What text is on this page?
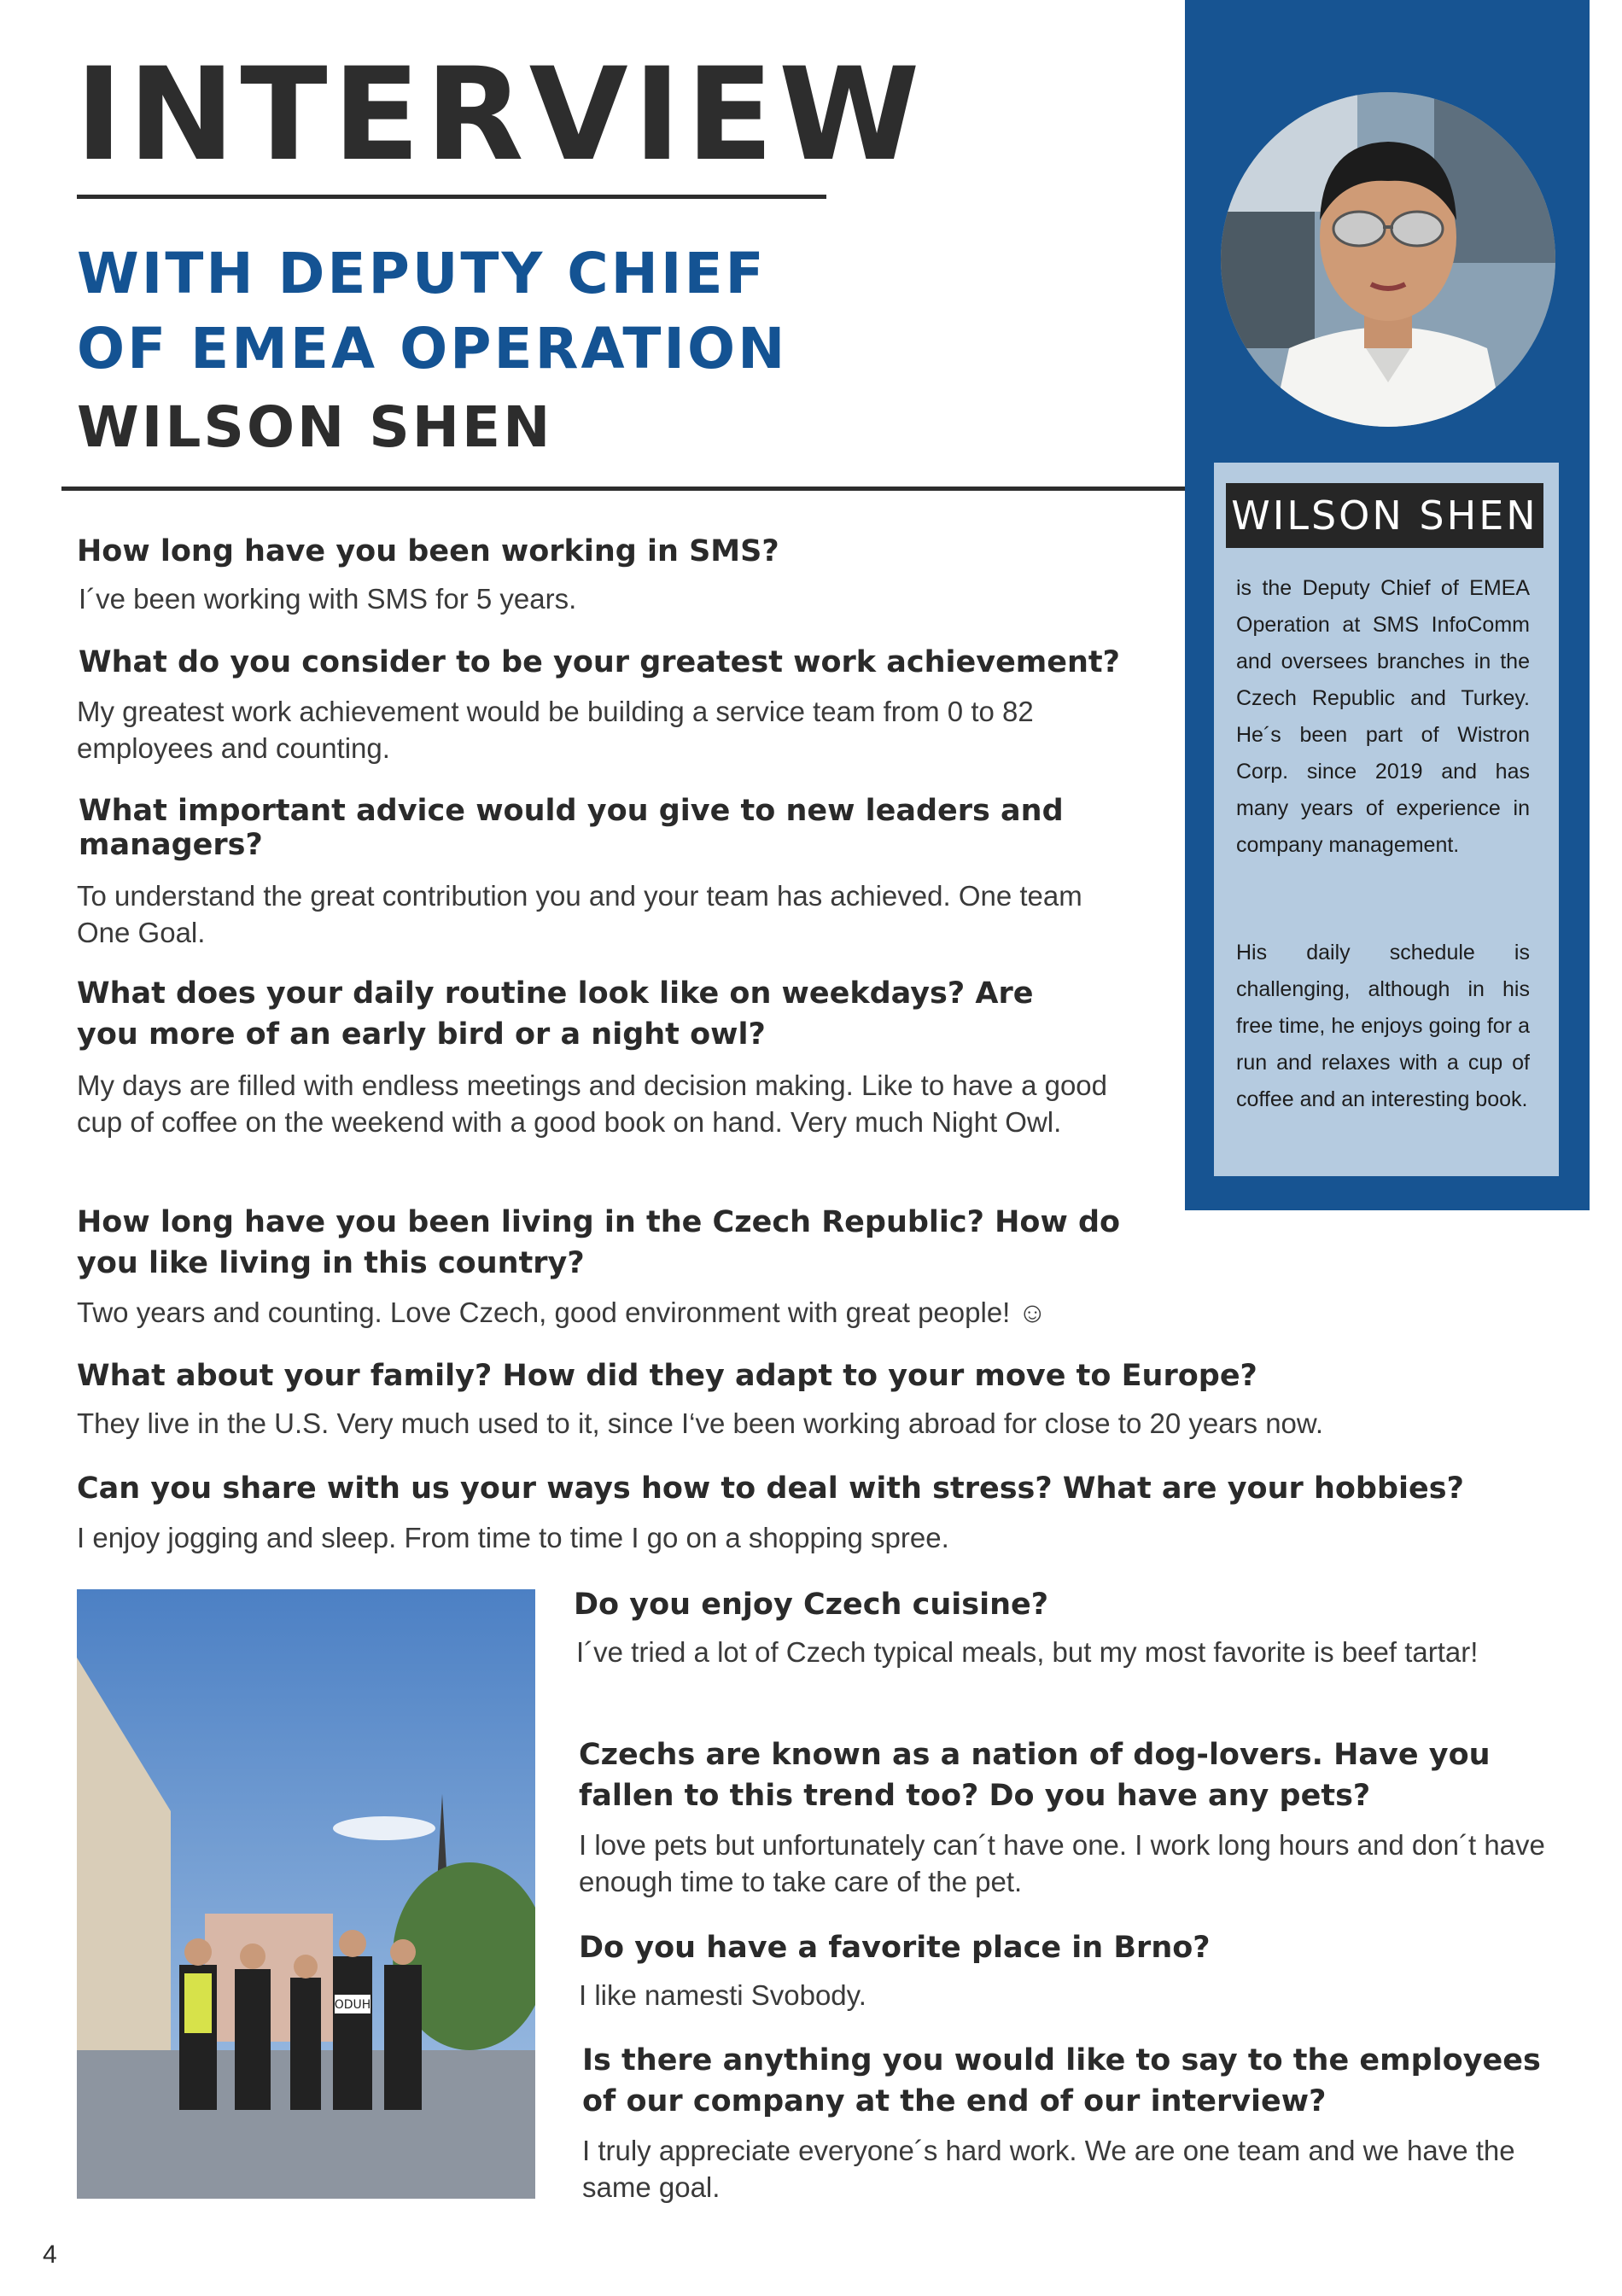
INTERVIEW

WITH DEPUTY CHIEF

OF EMEA OPERATION

WILSON SHEN

WILSON SHEN

is the Deputy Chief of EMEA Operation at SMS InfoComm and oversees branches in the Czech Republic and Turkey. He´s been part of Wistron Corp. since 2019 and has many years of experience in company management.

His daily schedule is challenging, although in his free time, he enjoys going for a run and relaxes with a cup of coffee and an interesting book.

How long have you been working in SMS?

I´ve been working with SMS for 5 years.

What do you consider to be your greatest work achievement?

My greatest work achievement would be building a service team from 0 to 82 employees and counting.

What important advice would you give to new leaders and managers?

To understand the great contribution you and your team has achieved. One team One Goal.

What does your daily routine look like on weekdays? Are you more of an early bird or a night owl?

My days are filled with endless meetings and decision making. Like to have a good cup of coffee on the weekend with a good book on hand. Very much Night Owl.

How long have you been living in the Czech Republic? How do you like living in this country?

Two years and counting. Love Czech, good environment with great people! ☺

What about your family? How did they adapt to your move to Europe?

They live in the U.S. Very much used to it, since I‘ve been working abroad for close to 20 years now.

Can you share with us your ways how to deal with stress? What are your hobbies?

I enjoy jogging and sleep. From time to time I go on a shopping spree.

ODUH

Do you enjoy Czech cuisine?

I´ve tried a lot of Czech typical meals, but my most favorite is beef tartar!

Czechs are known as a nation of dog-lovers. Have you fallen to this trend too? Do you have any pets?

I love pets but unfortunately can´t have one. I work long hours and don´t have enough time to take care of the pet.

Do you have a favorite place in Brno?

I like namesti Svobody.

Is there anything you would like to say to the employees of our company at the end of our interview?

I truly appreciate everyone´s hard work. We are one team and we have the same goal.

4
